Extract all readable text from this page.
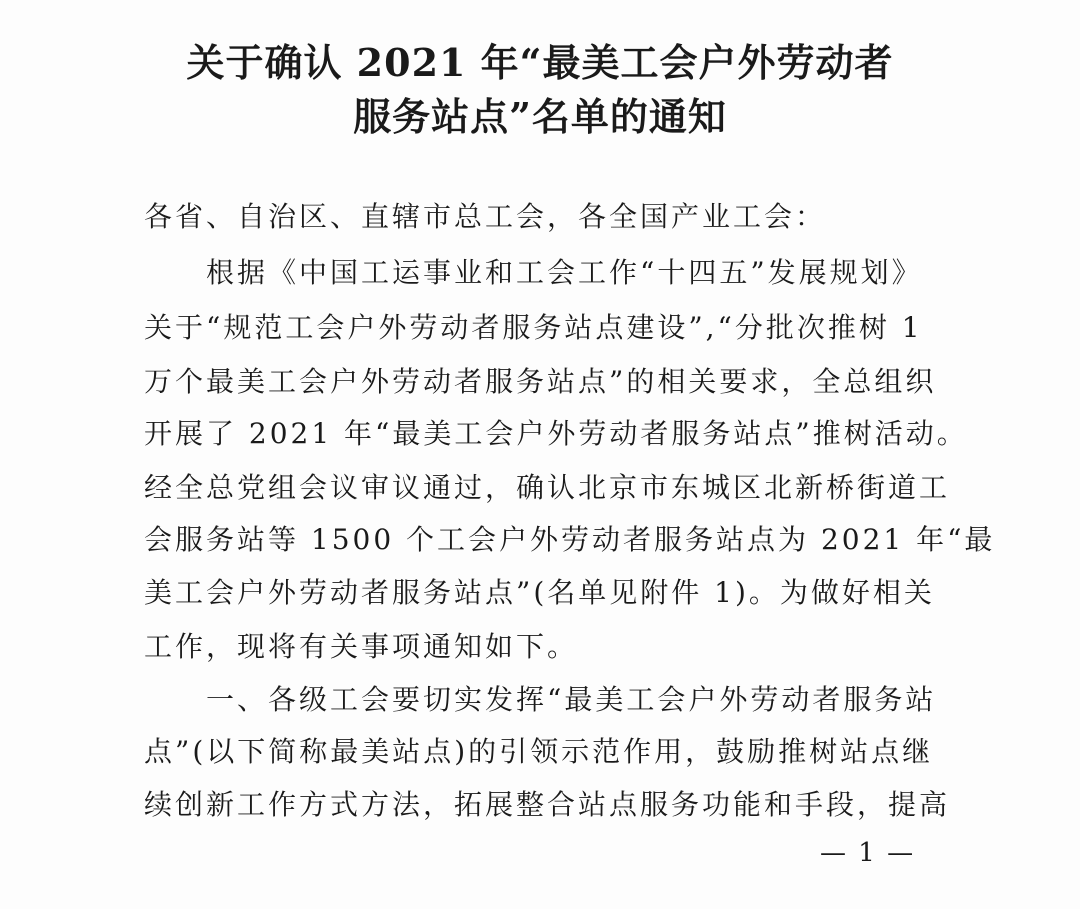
关于确认 2021 年“最美工会户外劳动者
服务站点”名单的通知
各省、自治区、直辖市总工会，各全国产业工会：
　　根据《中国工运事业和工会工作“十四五”发展规划》
关于“规范工会户外劳动者服务站点建设”,“分批次推树 1
万个最美工会户外劳动者服务站点”的相关要求，全总组织
开展了 2021 年“最美工会户外劳动者服务站点”推树活动。
经全总党组会议审议通过，确认北京市东城区北新桥街道工
会服务站等 1500 个工会户外劳动者服务站点为 2021 年“最
美工会户外劳动者服务站点”(名单见附件 1)。为做好相关
工作，现将有关事项通知如下。
　　一、各级工会要切实发挥“最美工会户外劳动者服务站
点”(以下简称最美站点)的引领示范作用，鼓励推树站点继
续创新工作方式方法，拓展整合站点服务功能和手段，提高
— 1 —
